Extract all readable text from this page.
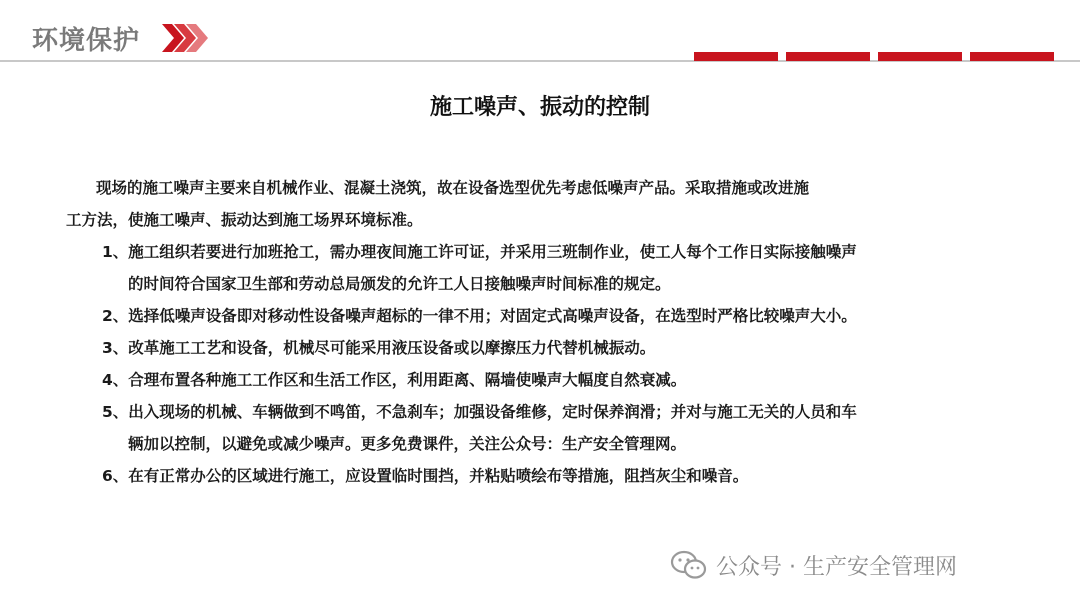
环境保护
施工噪声、振动的控制
现场的施工噪声主要来自机械作业、混凝土浇筑，故在设备选型优先考虑低噪声产品。采取措施或改进施
工方法，使施工噪声、振动达到施工场界环境标准。
1、施工组织若要进行加班抢工，需办理夜间施工许可证，并采用三班制作业，使工人每个工作日实际接触噪声
的时间符合国家卫生部和劳动总局颁发的允许工人日接触噪声时间标准的规定。
2、选择低噪声设备即对移动性设备噪声超标的一律不用；对固定式高噪声设备，在选型时严格比较噪声大小。
3、改革施工工艺和设备，机械尽可能采用液压设备或以摩擦压力代替机械振动。
4、合理布置各种施工工作区和生活工作区，利用距离、隔墙使噪声大幅度自然衰减。
5、出入现场的机械、车辆做到不鸣笛，不急刹车；加强设备维修，定时保养润滑；并对与施工无关的人员和车
辆加以控制，以避免或减少噪声。更多免费课件，关注公众号：生产安全管理网。
6、在有正常办公的区域进行施工，应设置临时围挡，并粘贴喷绘布等措施，阻挡灰尘和噪音。
公众号 · 生产安全管理网
